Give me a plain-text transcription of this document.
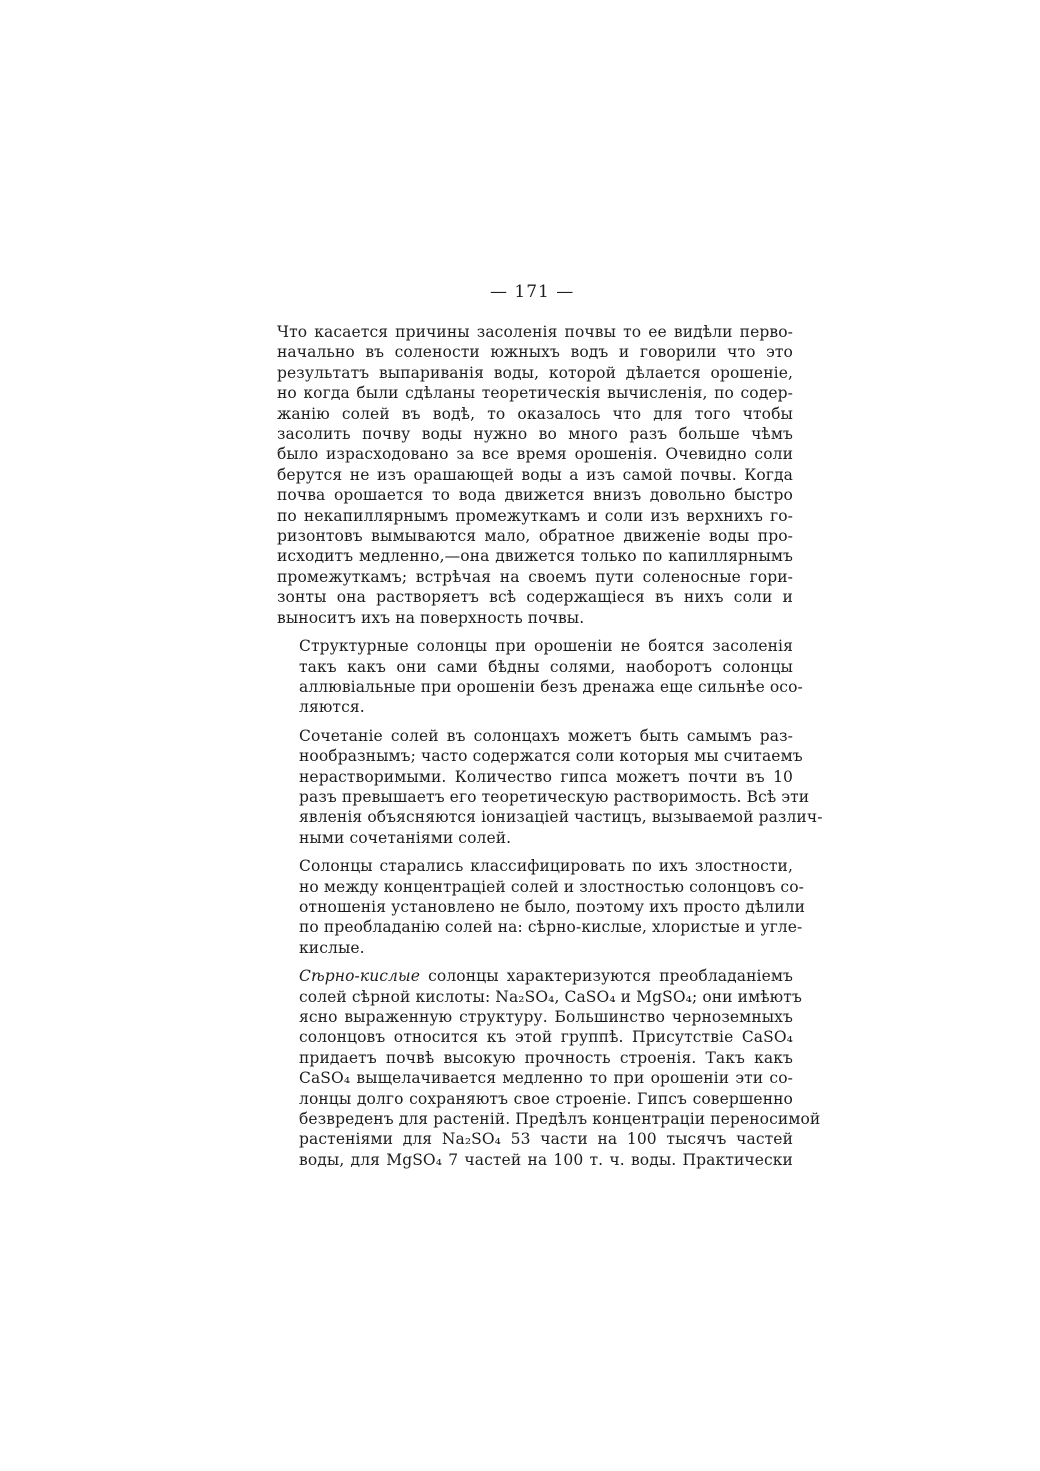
— 171 —
Что касается причины засоленія почвы то ее видѣли перво-
начально въ солености южныхъ водъ и говорили что это
результатъ выпариванія воды, которой дѣлается орошеніе,
но когда были сдѣланы теоретическія вычисленія, по содер-
жанію солей въ водѣ, то оказалось что для того чтобы
засолить почву воды нужно во много разъ больше чѣмъ
было израсходовано за все время орошенія. Очевидно соли
берутся не изъ орашающей воды а изъ самой почвы. Когда
почва орошается то вода движется внизъ довольно быстро
по некапиллярнымъ промежуткамъ и соли изъ верхнихъ го-
ризонтовъ вымываются мало, обратное движеніе воды про-
исходитъ медленно,—она движется только по капиллярнымъ
промежуткамъ; встрѣчая на своемъ пути соленосные гори-
зонты она растворяетъ всѣ содержащіеся въ нихъ соли и
выноситъ ихъ на поверхность почвы.
Структурные солонцы при орошеніи не боятся засоленія
такъ какъ они сами бѣдны солями, наоборотъ солонцы
аллювіальные при орошеніи безъ дренажа еще сильнѣе осо-
ляются.
Сочетаніе солей въ солонцахъ можетъ быть самымъ раз-
нообразнымъ; часто содержатся соли которыя мы считаемъ
нерастворимыми. Количество гипса можетъ почти въ 10
разъ превышаетъ его теоретическую растворимость. Всѣ эти
явленія объясняются іонизаціей частицъ, вызываемой различ-
ными сочетаніями солей.
Солонцы старались классифицировать по ихъ злостности,
но между концентраціей солей и злостностью солонцовъ со-
отношенія установлено не было, поэтому ихъ просто дѣлили
по преобладанію солей на: сѣрно-кислые, хлористые и угле-
кислые.
Сѣрно-кислые солонцы характеризуются преобладаніемъ
солей сѣрной кислоты: Na₂SO₄, CaSO₄ и MgSO₄; они имѣютъ
ясно выраженную структуру. Большинство черноземныхъ
солонцовъ относится къ этой группѣ. Присутствіе CaSO₄
придаетъ почвѣ высокую прочность строенія. Такъ какъ
CaSO₄ выщелачивается медленно то при орошеніи эти со-
лонцы долго сохраняютъ свое строеніе. Гипсъ совершенно
безвреденъ для растеній. Предѣлъ концентраціи переносимой
растеніями для Na₂SO₄ 53 части на 100 тысячъ частей
воды, для MgSO₄ 7 частей на 100 т. ч. воды. Практически
